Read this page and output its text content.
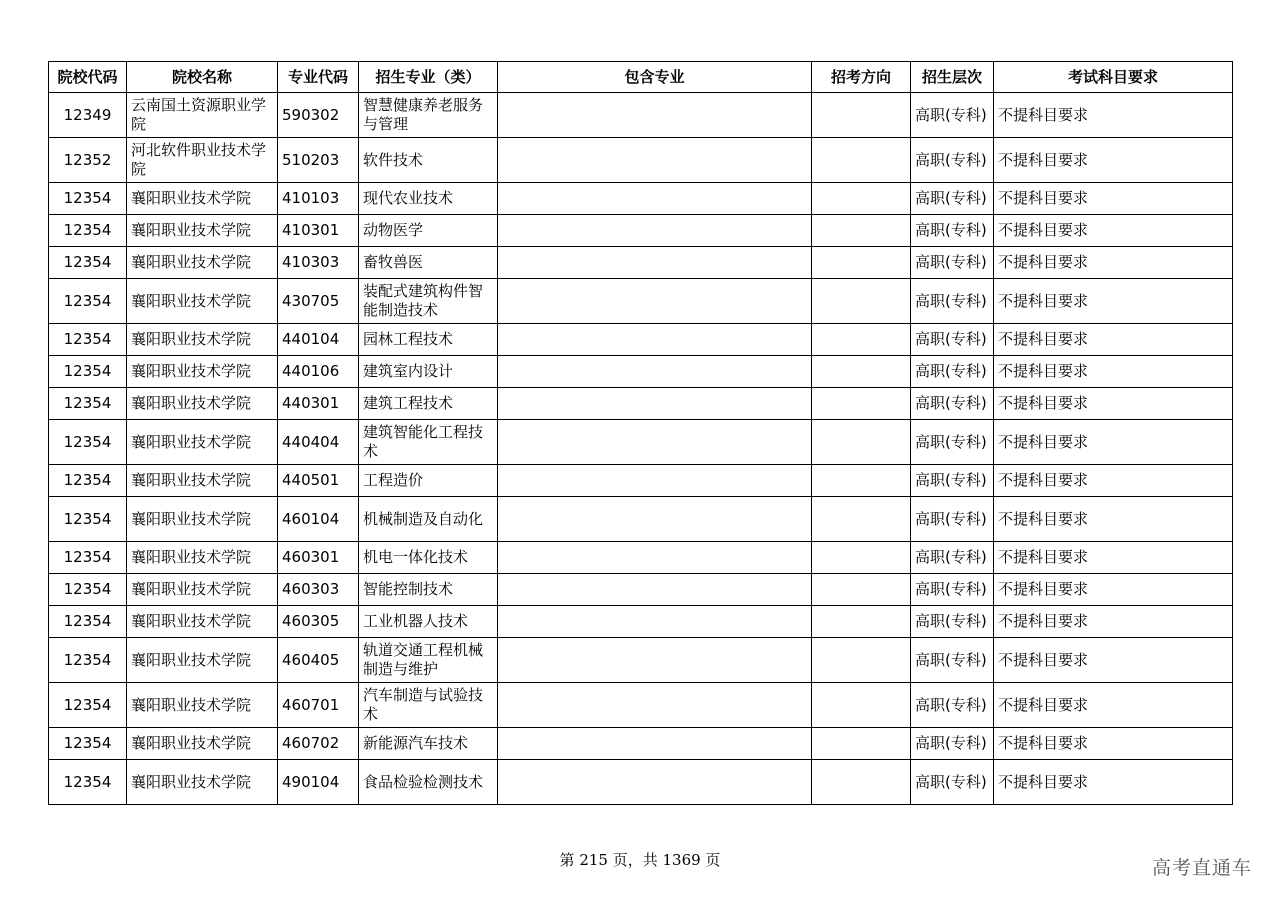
院校代码	院校名称	专业代码	招生专业（类）	包含专业	招考方向	招生层次	考试科目要求
12349	云南国土资源职业学院	590302	智慧健康养老服务与管理			高职(专科)	不提科目要求
12352	河北软件职业技术学院	510203	软件技术			高职(专科)	不提科目要求
12354	襄阳职业技术学院	410103	现代农业技术			高职(专科)	不提科目要求
12354	襄阳职业技术学院	410301	动物医学			高职(专科)	不提科目要求
12354	襄阳职业技术学院	410303	畜牧兽医			高职(专科)	不提科目要求
12354	襄阳职业技术学院	430705	装配式建筑构件智能制造技术			高职(专科)	不提科目要求
12354	襄阳职业技术学院	440104	园林工程技术			高职(专科)	不提科目要求
12354	襄阳职业技术学院	440106	建筑室内设计			高职(专科)	不提科目要求
12354	襄阳职业技术学院	440301	建筑工程技术			高职(专科)	不提科目要求
12354	襄阳职业技术学院	440404	建筑智能化工程技术			高职(专科)	不提科目要求
12354	襄阳职业技术学院	440501	工程造价			高职(专科)	不提科目要求
12354	襄阳职业技术学院	460104	机械制造及自动化			高职(专科)	不提科目要求
12354	襄阳职业技术学院	460301	机电一体化技术			高职(专科)	不提科目要求
12354	襄阳职业技术学院	460303	智能控制技术			高职(专科)	不提科目要求
12354	襄阳职业技术学院	460305	工业机器人技术			高职(专科)	不提科目要求
12354	襄阳职业技术学院	460405	轨道交通工程机械制造与维护			高职(专科)	不提科目要求
12354	襄阳职业技术学院	460701	汽车制造与试验技术			高职(专科)	不提科目要求
12354	襄阳职业技术学院	460702	新能源汽车技术			高职(专科)	不提科目要求
12354	襄阳职业技术学院	490104	食品检验检测技术			高职(专科)	不提科目要求
第 215 页，共 1369 页	高考直通车
